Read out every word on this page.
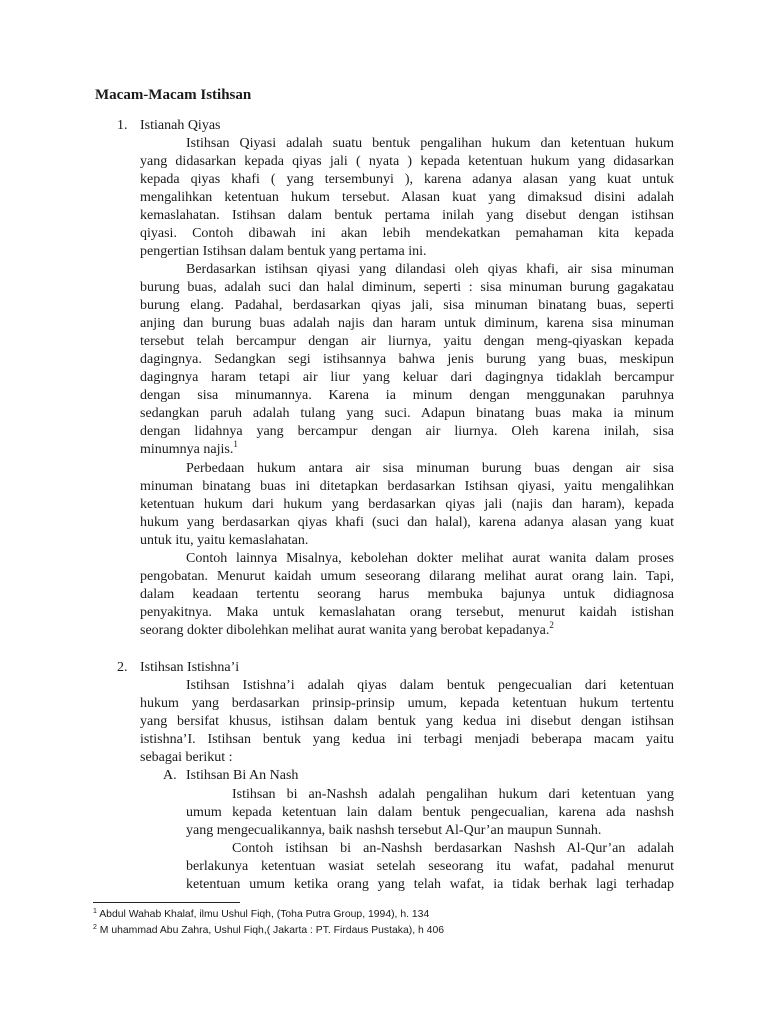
Macam-Macam Istihsan
1. Istianah Qiyas
Istihsan Qiyasi adalah suatu bentuk pengalihan hukum dan ketentuan hukum
yang didasarkan kepada qiyas jali ( nyata ) kepada ketentuan hukum yang didasarkan
kepada qiyas khafi ( yang tersembunyi ), karena adanya alasan yang kuat untuk
mengalihkan ketentuan hukum tersebut. Alasan kuat yang dimaksud disini adalah
kemaslahatan. Istihsan dalam bentuk pertama inilah yang disebut dengan istihsan
qiyasi. Contoh dibawah ini akan lebih mendekatkan pemahaman kita kepada
pengertian Istihsan dalam bentuk yang pertama ini.
Berdasarkan istihsan qiyasi yang dilandasi oleh qiyas khafi, air sisa minuman
burung buas, adalah suci dan halal diminum, seperti : sisa minuman burung gagakatau
burung elang. Padahal, berdasarkan qiyas jali, sisa minuman binatang buas, seperti
anjing dan burung buas adalah najis dan haram untuk diminum, karena sisa minuman
tersebut telah bercampur dengan air liurnya, yaitu dengan meng-qiyaskan kepada
dagingnya. Sedangkan segi istihsannya bahwa jenis burung yang buas, meskipun
dagingnya haram tetapi air liur yang keluar dari dagingnya tidaklah bercampur
dengan sisa minumannya. Karena ia minum dengan menggunakan paruhnya
sedangkan paruh adalah tulang yang suci. Adapun binatang buas maka ia minum
dengan lidahnya yang bercampur dengan air liurnya. Oleh karena inilah, sisa
minumnya najis.$^1$
Perbedaan hukum antara air sisa minuman burung buas dengan air sisa
minuman binatang buas ini ditetapkan berdasarkan Istihsan qiyasi, yaitu mengalihkan
ketentuan hukum dari hukum yang berdasarkan qiyas jali (najis dan haram), kepada
hukum yang berdasarkan qiyas khafi (suci dan halal), karena adanya alasan yang kuat
untuk itu, yaitu kemaslahatan.
Contoh lainnya Misalnya, kebolehan dokter melihat aurat wanita dalam proses
pengobatan. Menurut kaidah umum seseorang dilarang melihat aurat orang lain. Tapi,
dalam keadaan tertentu seorang harus membuka bajunya untuk didiagnosa
penyakitnya. Maka untuk kemaslahatan orang tersebut, menurut kaidah istishan
seorang dokter dibolehkan melihat aurat wanita yang berobat kepadanya.$^2$
2. Istihsan Istishna’i
Istihsan Istishna’i adalah qiyas dalam bentuk pengecualian dari ketentuan
hukum yang berdasarkan prinsip-prinsip umum, kepada ketentuan hukum tertentu
yang bersifat khusus, istihsan dalam bentuk yang kedua ini disebut dengan istihsan
istishna’I. Istihsan bentuk yang kedua ini terbagi menjadi beberapa macam yaitu
sebagai berikut :
A. Istihsan Bi An Nash
Istihsan bi an-Nashsh adalah pengalihan hukum dari ketentuan yang
umum kepada ketentuan lain dalam bentuk pengecualian, karena ada nashsh
yang mengecualikannya, baik nashsh tersebut Al-Qur’an maupun Sunnah.
Contoh istihsan bi an-Nashsh berdasarkan Nashsh Al-Qur’an adalah
berlakunya ketentuan wasiat setelah seseorang itu wafat, padahal menurut
ketentuan umum ketika orang yang telah wafat, ia tidak berhak lagi terhadap
$^1$ Abdul Wahab Khalaf, ilmu Ushul Fiqh, (Toha Putra Group, 1994), h. 134
$^2$ M uhammad Abu Zahra, Ushul Fiqh,( Jakarta : PT. Firdaus Pustaka), h 406
